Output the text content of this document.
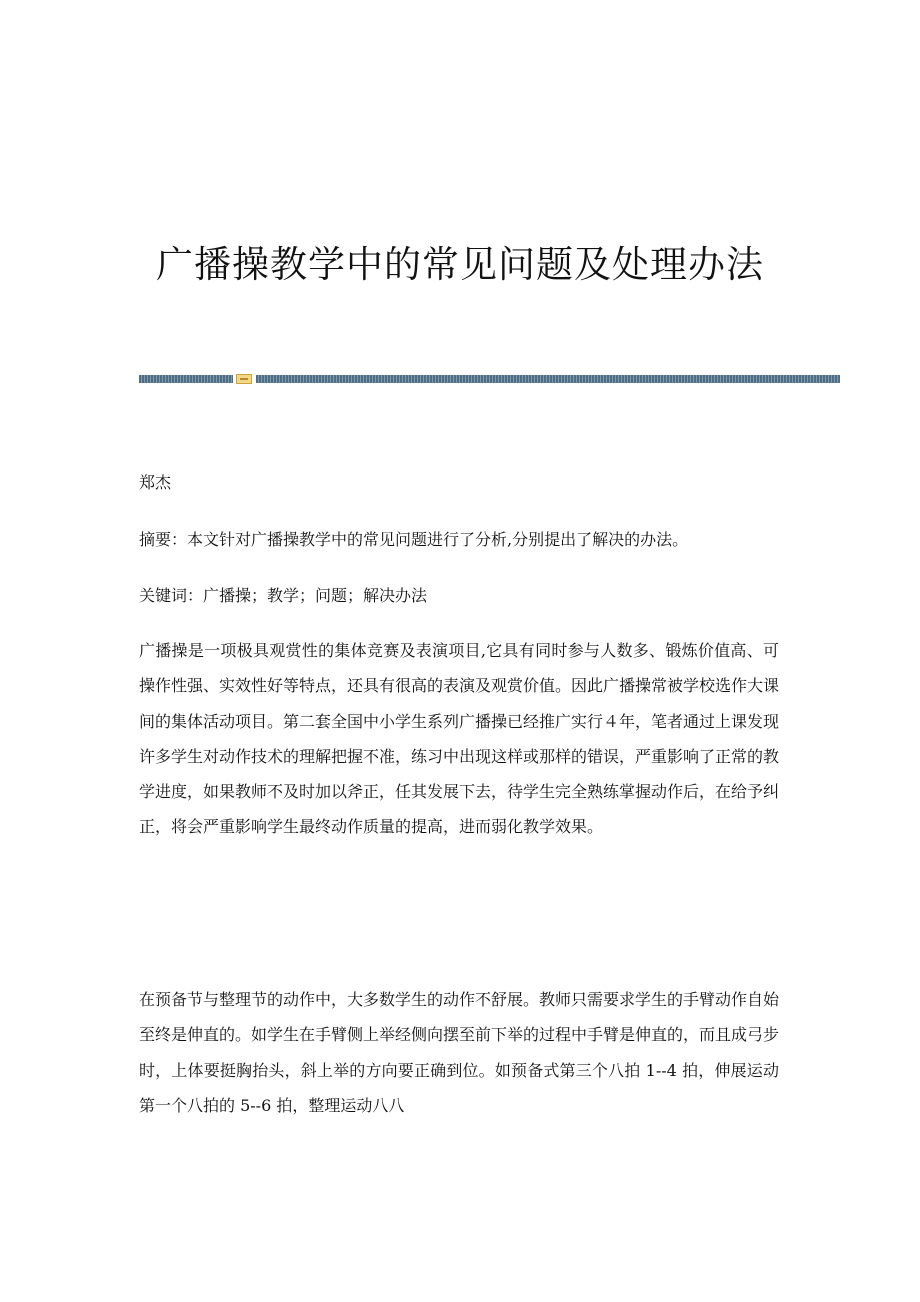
广播操教学中的常见问题及处理办法
郑杰
摘要：本文针对广播操教学中的常见问题进行了分析,分别提出了解决的办法。
关键词：广播操；教学；问题；解决办法

广播操是一项极具观赏性的集体竞赛及表演项目,它具有同时参与人数多、锻炼价值高、可操作性强、实效性好等特点，还具有很高的表演及观赏价值。因此广播操常被学校选作大课间的集体活动项目。第二套全国中小学生系列广播操已经推广实行４年，笔者通过上课发现许多学生对动作技术的理解把握不准，练习中出现这样或那样的错误，严重影响了正常的教学进度，如果教师不及时加以斧正，任其发展下去，待学生完全熟练掌握动作后，在给予纠正，将会严重影响学生最终动作质量的提高，进而弱化教学效果。

在预备节与整理节的动作中，大多数学生的动作不舒展。教师只需要求学生的手臂动作自始至终是伸直的。如学生在手臂侧上举经侧向摆至前下举的过程中手臂是伸直的，而且成弓步时，上体要挺胸抬头，斜上举的方向要正确到位。如预备式第三个八拍 1--4 拍，伸展运动第一个八拍的 5--6 拍，整理运动八八
